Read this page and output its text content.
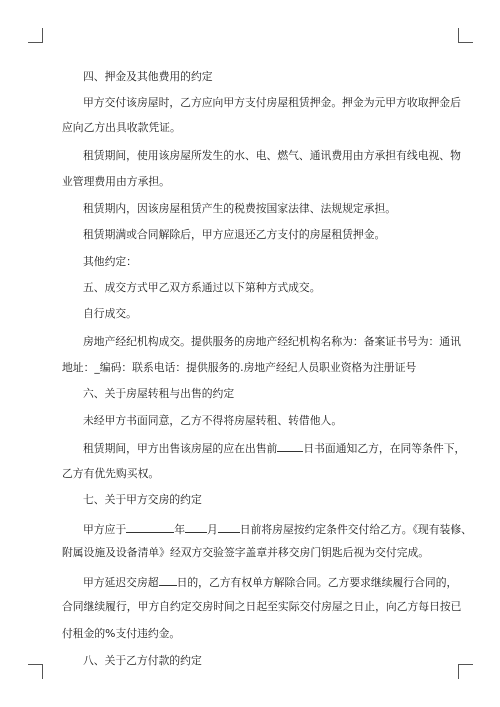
四、押金及其他费用的约定
甲方交付该房屋时，乙方应向甲方支付房屋租赁押金。押金为元甲方收取押金后
应向乙方出具收款凭证。
租赁期间，使用该房屋所发生的水、电、燃气、通讯费用由方承担有线电视、物
业管理费用由方承担。
租赁期内，因该房屋租赁产生的税费按国家法律、法规规定承担。
租赁期满或合同解除后，甲方应退还乙方支付的房屋租赁押金。
其他约定：
五、成交方式甲乙双方系通过以下第种方式成交。
自行成交。
房地产经纪机构成交。提供服务的房地产经纪机构名称为：备案证书号为：通讯
地址：_编码：联系电话：提供服务的.房地产经纪人员职业资格为注册证号
六、关于房屋转租与出售的约定
未经甲方书面同意，乙方不得将房屋转租、转借他人。
租赁期间，甲方出售该房屋的应在出售前 日书面通知乙方，在同等条件下，
乙方有优先购买权。
七、关于甲方交房的约定
甲方应于	年 月 日前将房屋按约定条件交付给乙方。《现有装修、
附属设施及设备清单》经双方交验签字盖章并移交房门钥匙后视为交付完成。
甲方延迟交房超 日的，乙方有权单方解除合同。乙方要求继续履行合同的，
合同继续履行，甲方自约定交房时间之日起至实际交付房屋之日止，向乙方每日按已
付租金的%支付违约金。
八、关于乙方付款的约定
